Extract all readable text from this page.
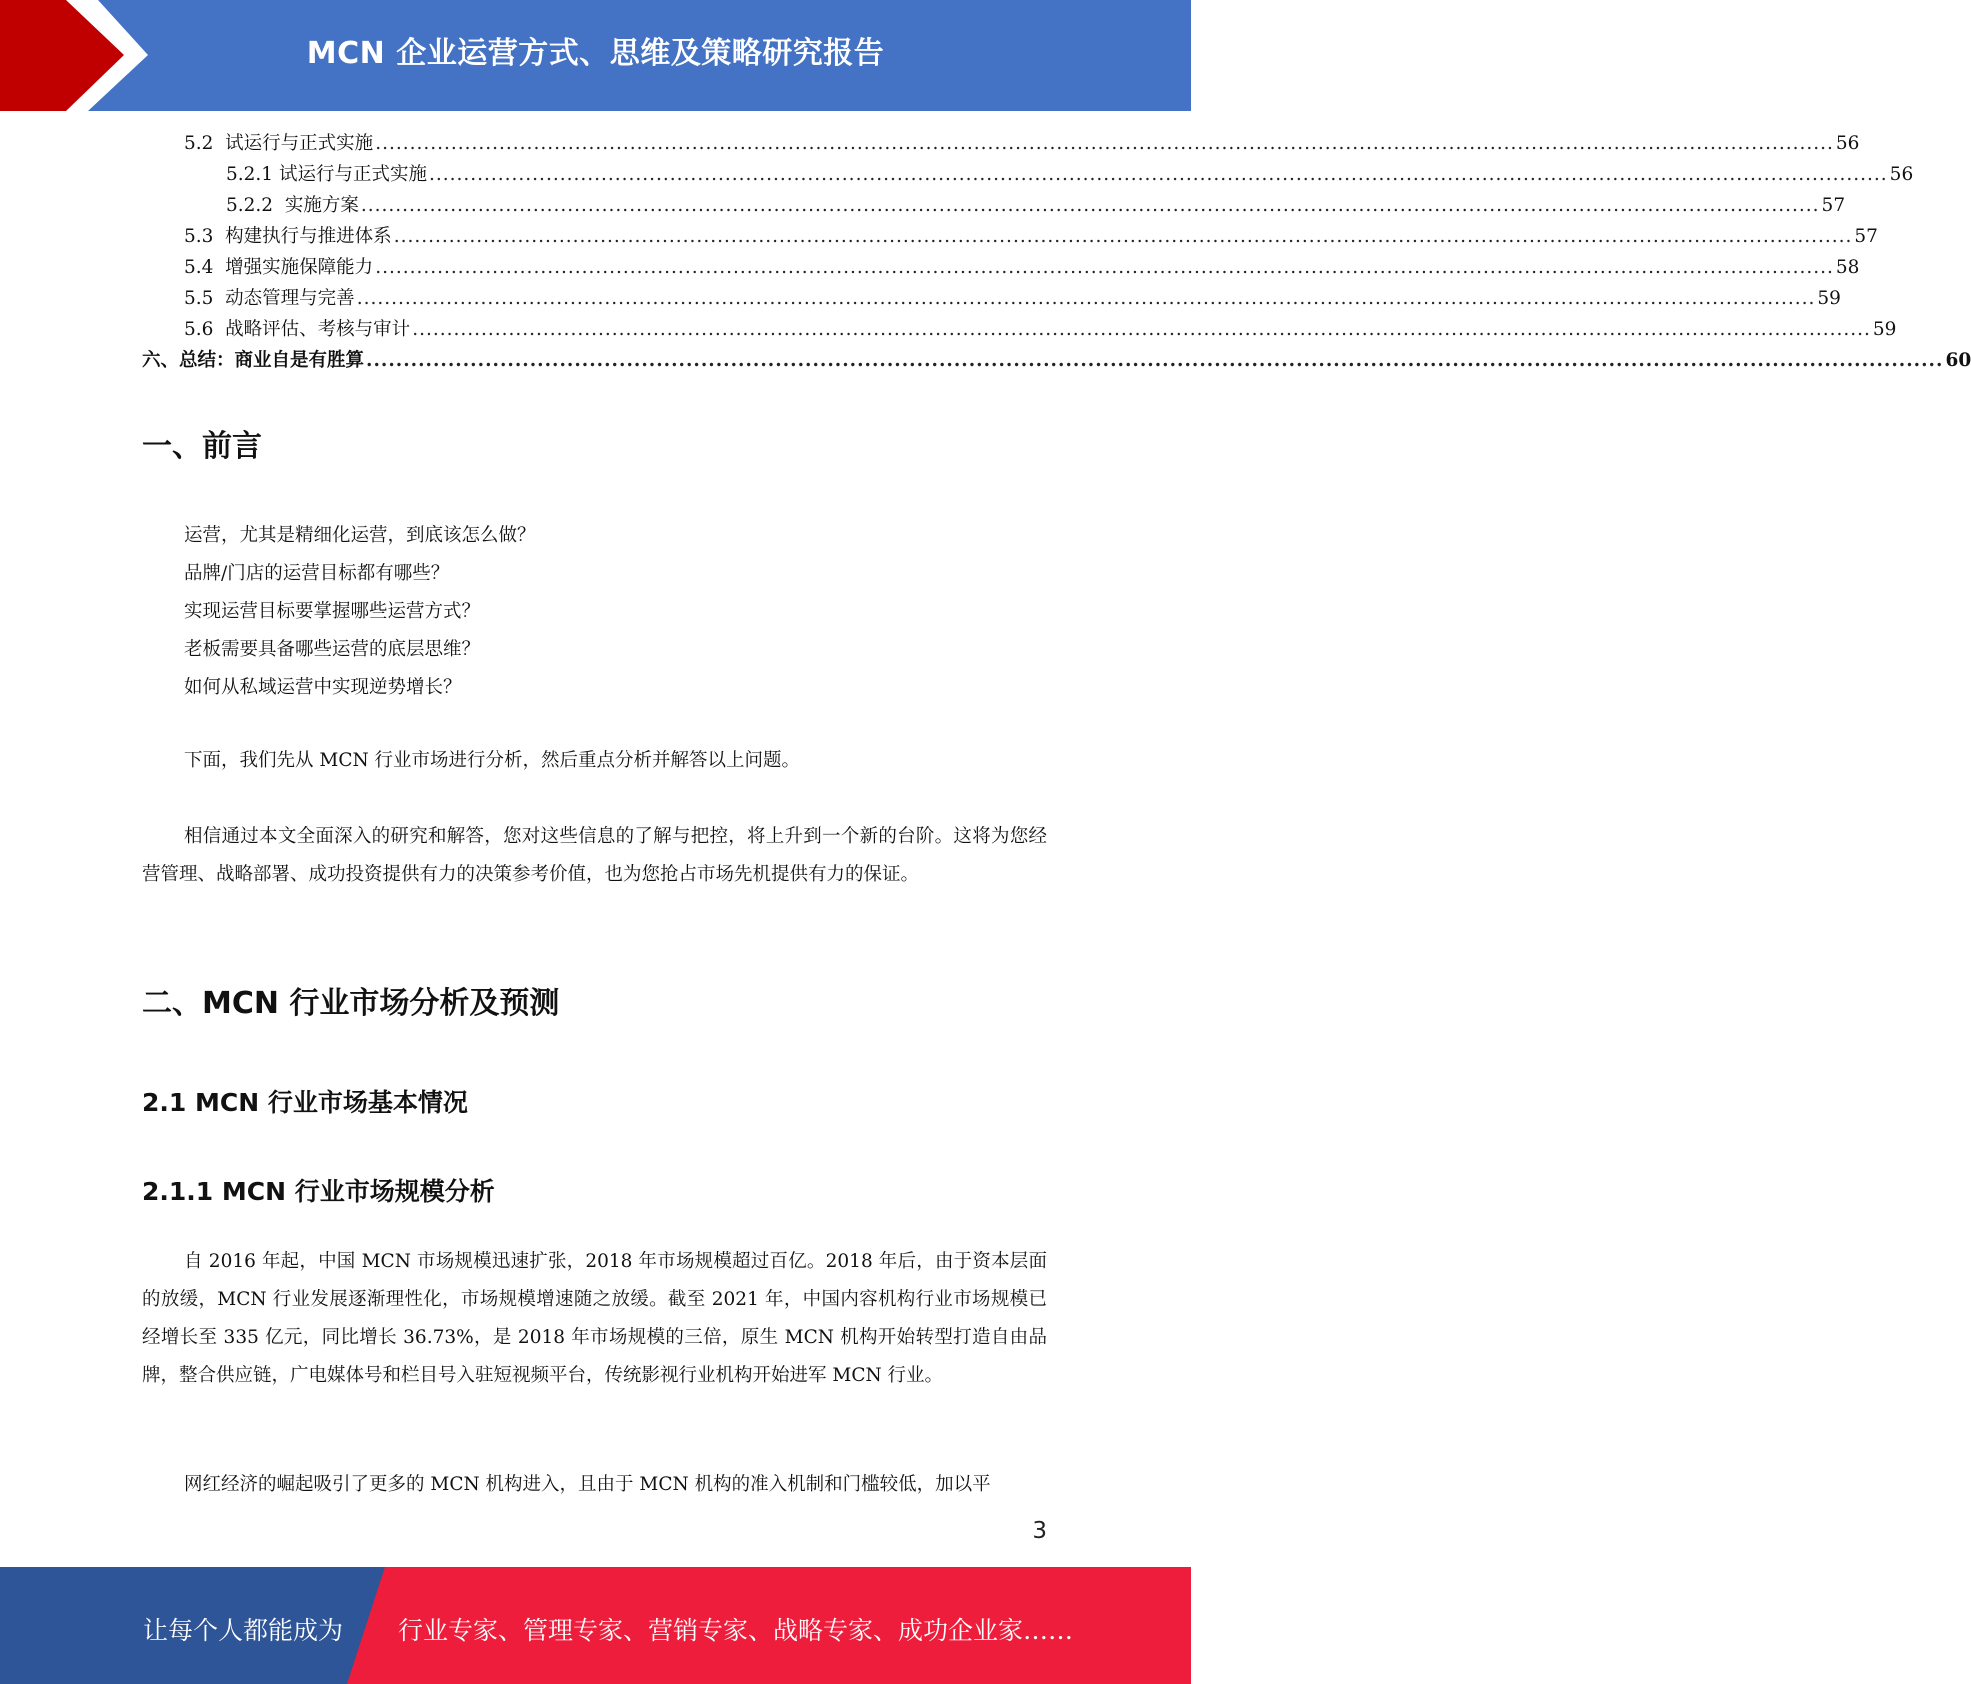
MCN 企业运营方式、思维及策略研究报告
5.2  试运行与正式实施 .................................................................................................................................................................................................................... 56
5.2.1 试运行与正式实施 .................................................................................................................................................................................................................... 56
5.2.2  实施方案 .................................................................................................................................................................................................................... 57
5.3  构建执行与推进体系 .................................................................................................................................................................................................................... 57
5.4  增强实施保障能力 .................................................................................................................................................................................................................... 58
5.5  动态管理与完善 .................................................................................................................................................................................................................... 59
5.6  战略评估、考核与审计 .................................................................................................................................................................................................................... 59
六、总结：商业自是有胜算 .................................................................................................................................................................................................................... 60
一、前言
运营，尤其是精细化运营，到底该怎么做？
品牌/门店的运营目标都有哪些？
实现运营目标要掌握哪些运营方式？
老板需要具备哪些运营的底层思维？
如何从私域运营中实现逆势增长？
下面，我们先从 MCN 行业市场进行分析，然后重点分析并解答以上问题。
相信通过本文全面深入的研究和解答，您对这些信息的了解与把控，将上升到一个新的台阶。这将为您经营管理、战略部署、成功投资提供有力的决策参考价值，也为您抢占市场先机提供有力的保证。
二、MCN 行业市场分析及预测
2.1 MCN 行业市场基本情况
2.1.1 MCN 行业市场规模分析
自 2016 年起，中国 MCN 市场规模迅速扩张，2018 年市场规模超过百亿。2018 年后，由于资本层面的放缓，MCN 行业发展逐渐理性化，市场规模增速随之放缓。截至 2021 年，中国内容机构行业市场规模已经增长至 335 亿元，同比增长 36.73%，是 2018 年市场规模的三倍，原生 MCN 机构开始转型打造自由品牌，整合供应链，广电媒体号和栏目号入驻短视频平台，传统影视行业机构开始进军 MCN 行业。
网红经济的崛起吸引了更多的 MCN 机构进入，且由于 MCN 机构的准入机制和门槛较低，加以平
3
让每个人都能成为 行业专家、管理专家、营销专家、战略专家、成功企业家……
